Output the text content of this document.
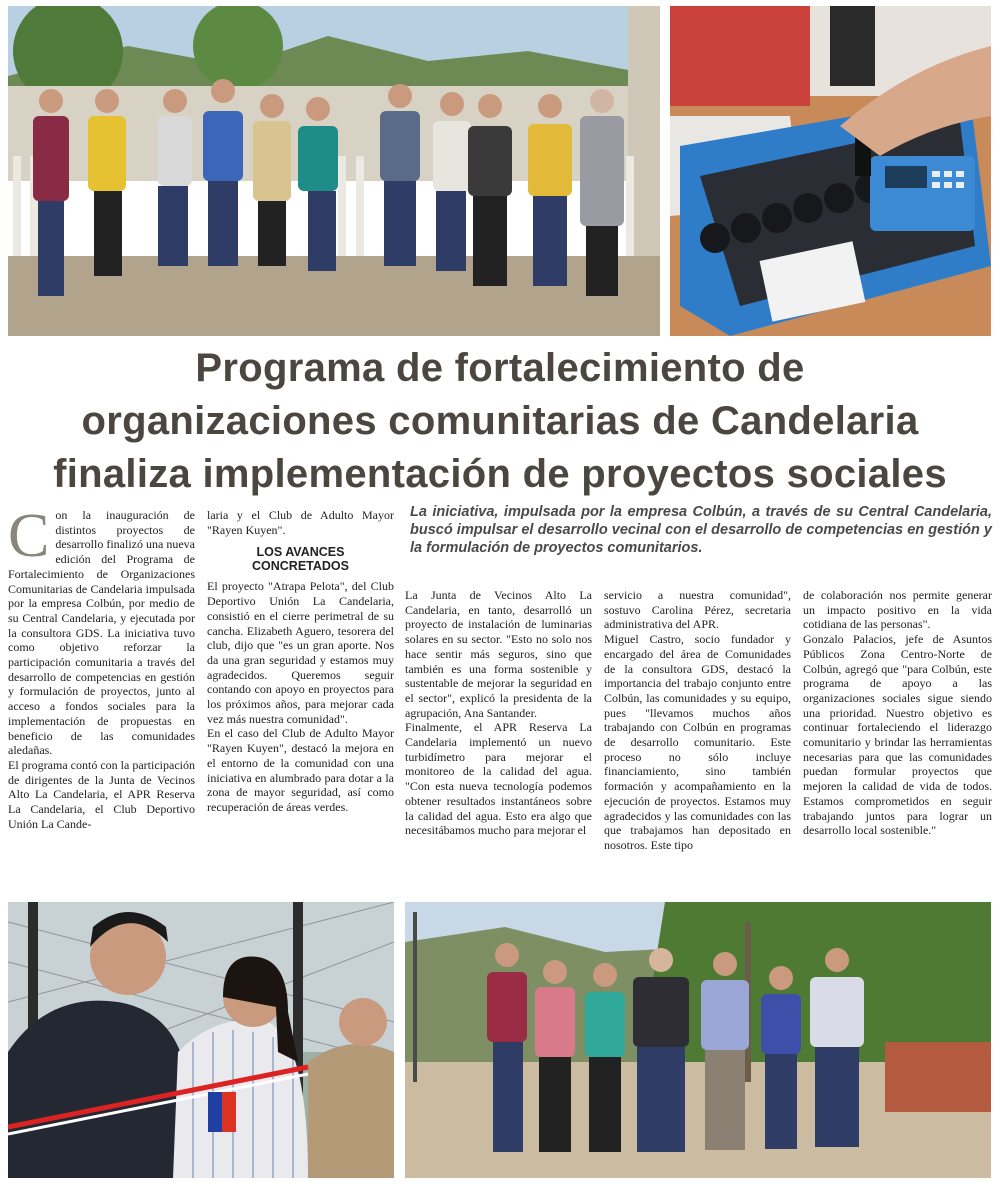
Programa de fortalecimiento de
organizaciones comunitarias de Candelaria
finaliza implementación de proyectos sociales

La iniciativa, impulsada por la empresa Colbún, a través de su Central Candelaria, buscó impulsar el desarrollo vecinal con el desarrollo de competencias en gestión y la formulación de proyectos comunitarios.

Con la inauguración de distintos proyectos de desarrollo finalizó una nueva edición del Programa de Fortalecimiento de Organizaciones Comunitarias de Candelaria impulsada por la empresa Colbún, por medio de su Central Candelaria, y ejecutada por la consultora GDS. La iniciativa tuvo como objetivo reforzar la participación comunitaria a través del desarrollo de competencias en gestión y formulación de proyectos, junto al acceso a fondos sociales para la implementación de propuestas en beneficio de las comunidades aledañas.

El programa contó con la participación de dirigentes de la Junta de Vecinos Alto La Candelaria, el APR Reserva La Candelaria, el Club Deportivo Unión La Cande-

laria y el Club de Adulto Mayor "Rayen Kuyen".

LOS AVANCES CONCRETADOS

El proyecto "Atrapa Pelota", del Club Deportivo Unión La Candelaria, consistió en el cierre perimetral de su cancha. Elizabeth Aguero, tesorera del club, dijo que "es un gran aporte. Nos da una gran seguridad y estamos muy agradecidos. Queremos seguir contando con apoyo en proyectos para los próximos años, para mejorar cada vez más nuestra comunidad".

En el caso del Club de Adulto Mayor "Rayen Kuyen", destacó la mejora en el entorno de la comunidad con una iniciativa en alumbrado para dotar a la zona de mayor seguridad, así como recuperación de áreas verdes.

La Junta de Vecinos Alto La Candelaria, en tanto, desarrolló un proyecto de instalación de luminarias solares en su sector. "Esto no solo nos hace sentir más seguros, sino que también es una forma sostenible y sustentable de mejorar la seguridad en el sector", explicó la presidenta de la agrupación, Ana Santander.

Finalmente, el APR Reserva La Candelaria implementó un nuevo turbidímetro para mejorar el monitoreo de la calidad del agua. "Con esta nueva tecnología podemos obtener resultados instantáneos sobre la calidad del agua. Esto era algo que necesitábamos mucho para mejorar el

servicio a nuestra comunidad", sostuvo Carolina Pérez, secretaria administrativa del APR.

Miguel Castro, socio fundador y encargado del área de Comunidades de la consultora GDS, destacó la importancia del trabajo conjunto entre Colbún, las comunidades y su equipo, pues "llevamos muchos años trabajando con Colbún en programas de desarrollo comunitario. Este proceso no sólo incluye financiamiento, sino también formación y acompañamiento en la ejecución de proyectos. Estamos muy agradecidos y las comunidades con las que trabajamos han depositado en nosotros. Este tipo

de colaboración nos permite generar un impacto positivo en la vida cotidiana de las personas".

Gonzalo Palacios, jefe de Asuntos Públicos Zona Centro-Norte de Colbún, agregó que "para Colbún, este programa de apoyo a las organizaciones sociales sigue siendo una prioridad. Nuestro objetivo es continuar fortaleciendo el liderazgo comunitario y brindar las herramientas necesarias para que las comunidades puedan formular proyectos que mejoren la calidad de vida de todos. Estamos comprometidos en seguir trabajando juntos para lograr un desarrollo local sostenible."
